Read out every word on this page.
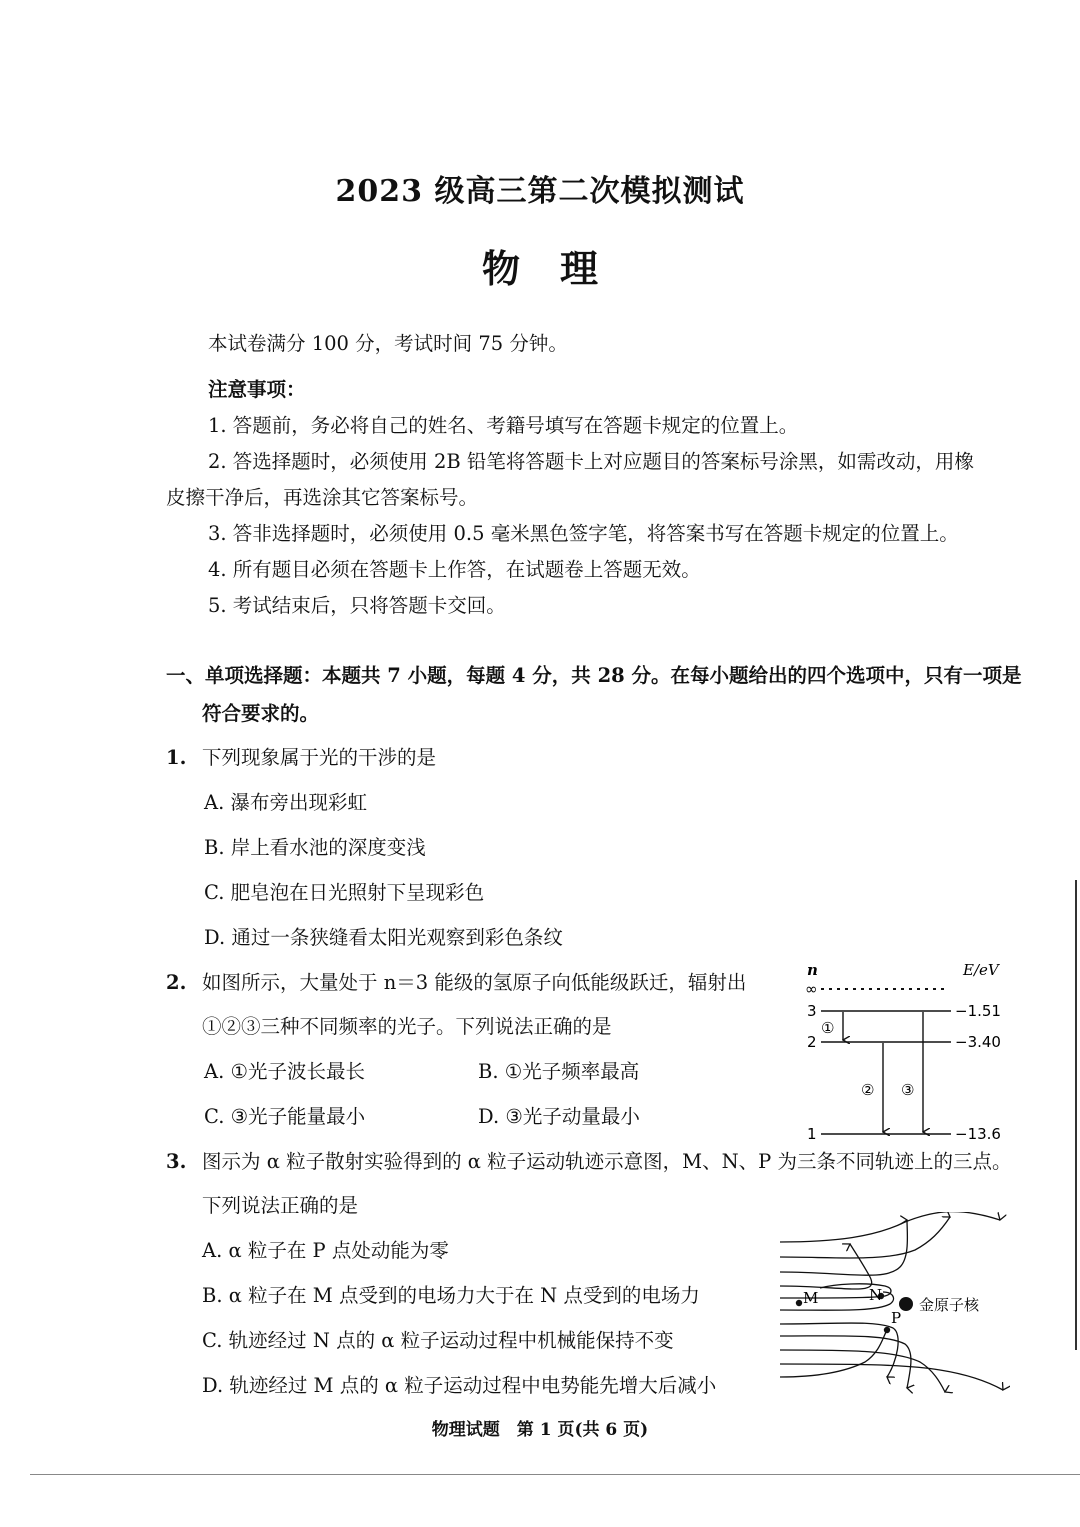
2023 级高三第二次模拟测试
物理
本试卷满分 100 分，考试时间 75 分钟。
注意事项：
1. 答题前，务必将自己的姓名、考籍号填写在答题卡规定的位置上。
2. 答选择题时，必须使用 2B 铅笔将答题卡上对应题目的答案标号涂黑，如需改动，用橡
皮擦干净后，再选涂其它答案标号。
3. 答非选择题时，必须使用 0.5 毫米黑色签字笔，将答案书写在答题卡规定的位置上。
4. 所有题目必须在答题卡上作答，在试题卷上答题无效。
5. 考试结束后，只将答题卡交回。
一、单项选择题：本题共 7 小题，每题 4 分，共 28 分。在每小题给出的四个选项中，只有一项是
符合要求的。
1. 下列现象属于光的干涉的是
A. 瀑布旁出现彩虹
B. 岸上看水池的深度变浅
C. 肥皂泡在日光照射下呈现彩色
D. 通过一条狭缝看太阳光观察到彩色条纹
2. 如图所示，大量处于 n＝3 能级的氢原子向低能级跃迁，辐射出
①②③三种不同频率的光子。下列说法正确的是
A. ①光子波长最长	B. ①光子频率最高
C. ③光子能量最小	D. ③光子动量最小
n	E/eV
∞
3	−1.51
2	−3.40
1	−13.6
①
② ③
3. 图示为 α 粒子散射实验得到的 α 粒子运动轨迹示意图，M、N、P 为三条不同轨迹上的三点。
下列说法正确的是
A. α 粒子在 P 点处动能为零
B. α 粒子在 M 点受到的电场力大于在 N 点受到的电场力
C. 轨迹经过 N 点的 α 粒子运动过程中机械能保持不变
D. 轨迹经过 M 点的 α 粒子运动过程中电势能先增大后减小
M	N
P
金原子核
物理试题　第 1 页(共 6 页)
